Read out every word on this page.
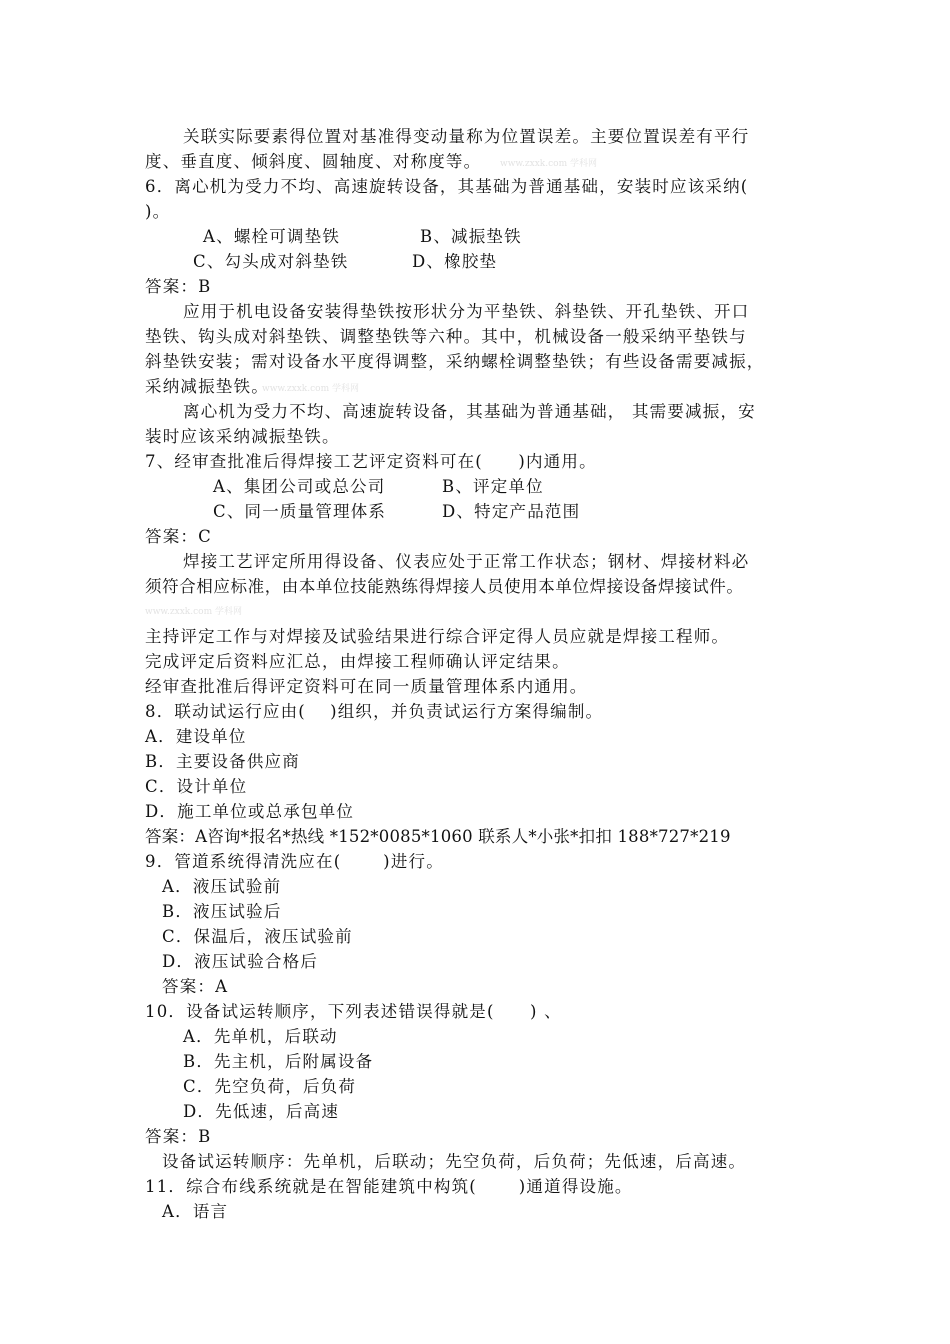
关联实际要素得位置对基准得变动量称为位置误差。主要位置误差有平行
度、垂直度、倾斜度、圆轴度、对称度等。 www.zxxk.com 学科网
6．离心机为受力不均、高速旋转设备，其基础为普通基础，安装时应该采纳(
)。
A、螺栓可调垫铁	B、减振垫铁
C、勾头成对斜垫铁	D、橡胶垫
答案：B
应用于机电设备安装得垫铁按形状分为平垫铁、斜垫铁、开孔垫铁、开口
垫铁、钩头成对斜垫铁、调整垫铁等六种。其中，机械设备一般采纳平垫铁与
斜垫铁安装；需对设备水平度得调整，采纳螺栓调整垫铁；有些设备需要减振，
采纳减振垫铁。
www.zxxk.com 学科网
离心机为受力不均、高速旋转设备，其基础为普通基础， 其需要减振，安
装时应该采纳减振垫铁。
7、经审查批准后得焊接工艺评定资料可在(　　)内通用。
A、集团公司或总公司	B、评定单位
C、同一质量管理体系	D、特定产品范围
答案：C
焊接工艺评定所用得设备、仪表应处于正常工作状态；钢材、焊接材料必
须符合相应标准，由本单位技能熟练得焊接人员使用本单位焊接设备焊接试件。
www.zxxk.com 学科网
主持评定工作与对焊接及试验结果进行综合评定得人员应就是焊接工程师。
完成评定后资料应汇总，由焊接工程师确认评定结果。
经审查批准后得评定资料可在同一质量管理体系内通用。
8．联动试运行应由(　 )组织，并负责试运行方案得编制。
A．建设单位
B．主要设备供应商
C．设计单位
D．施工单位或总承包单位
答案：A咨询*报名*热线 *152*0085*1060 联系人*小张*扣扣 188*727*219
9．管道系统得清洗应在(　　 )进行。
A．液压试验前
B．液压试验后
C．保温后，液压试验前
D．液压试验合格后
答案：A
10．设备试运转顺序，下列表述错误得就是(　　) 、
A．先单机，后联动
B．先主机，后附属设备
C．先空负荷，后负荷
D．先低速，后高速
答案：B
设备试运转顺序：先单机，后联动；先空负荷，后负荷；先低速，后高速。
11．综合布线系统就是在智能建筑中构筑(　　 )通道得设施。
A．语言
